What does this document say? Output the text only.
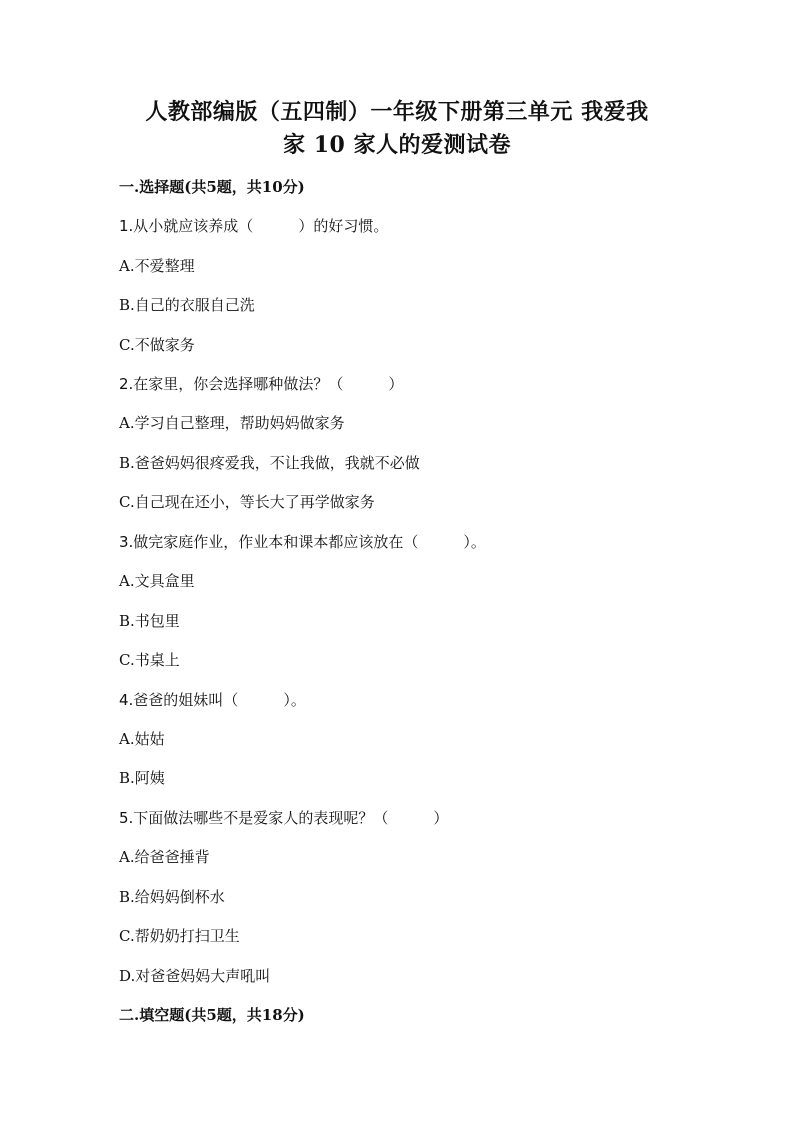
人教部编版（五四制）一年级下册第三单元 我爱我
家 10 家人的爱测试卷
一.选择题(共5题，共10分)
1.从小就应该养成（　　　）的好习惯。
A.不爱整理
B.自己的衣服自己洗
C.不做家务
2.在家里，你会选择哪种做法？（　　　）
A.学习自己整理，帮助妈妈做家务
B.爸爸妈妈很疼爱我，不让我做，我就不必做
C.自己现在还小，等长大了再学做家务
3.做完家庭作业，作业本和课本都应该放在（　　　）。
A.文具盒里
B.书包里
C.书桌上
4.爸爸的姐妹叫（　　　）。
A.姑姑
B.阿姨
5.下面做法哪些不是爱家人的表现呢？（　　　）
A.给爸爸捶背
B.给妈妈倒杯水
C.帮奶奶打扫卫生
D.对爸爸妈妈大声吼叫
二.填空题(共5题，共18分)
